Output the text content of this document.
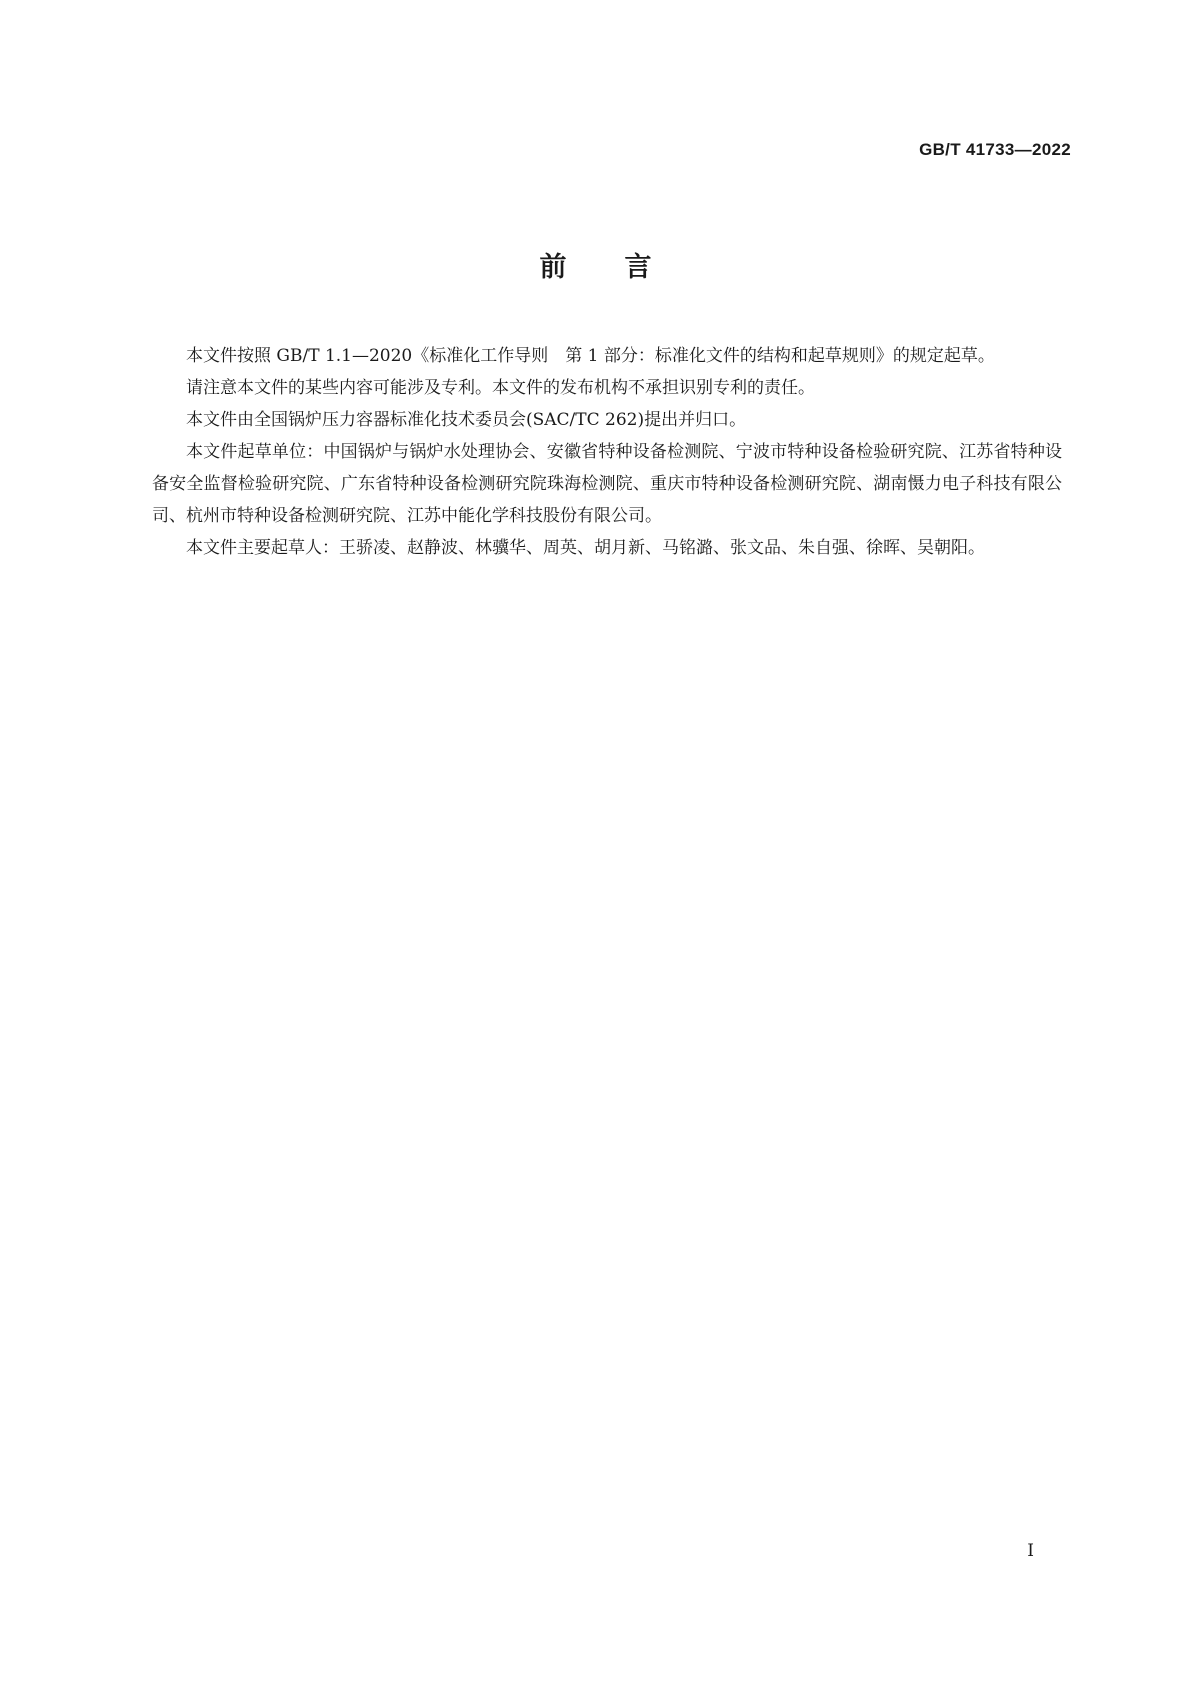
GB/T 41733—2022
前 言

本文件按照 GB/T 1.1—2020《标准化工作导则　第 1 部分：标准化文件的结构和起草规则》的规定起草。

请注意本文件的某些内容可能涉及专利。本文件的发布机构不承担识别专利的责任。

本文件由全国锅炉压力容器标准化技术委员会(SAC/TC 262)提出并归口。

本文件起草单位：中国锅炉与锅炉水处理协会、安徽省特种设备检测院、宁波市特种设备检验研究院、江苏省特种设备安全监督检验研究院、广东省特种设备检测研究院珠海检测院、重庆市特种设备检测研究院、湖南慑力电子科技有限公司、杭州市特种设备检测研究院、江苏中能化学科技股份有限公司。

本文件主要起草人：王骄凌、赵静波、林骥华、周英、胡月新、马铭潞、张文品、朱自强、徐晖、吴朝阳。

I
